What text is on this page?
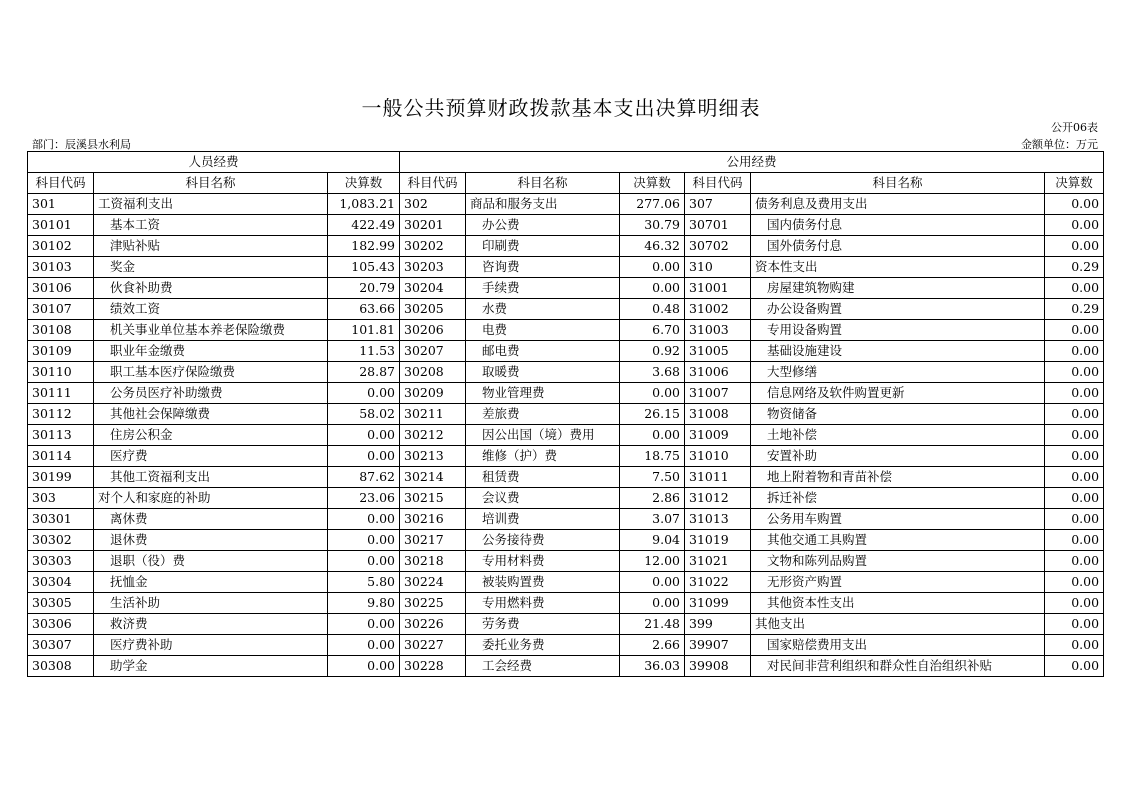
一般公共预算财政拨款基本支出决算明细表
公开06表
部门：辰溪县水利局	金额单位：万元
人员经费			公用经费					
科目代码	科目名称	决算数	科目代码	科目名称	决算数	科目代码	科目名称	决算数
301	工资福利支出	1,083.21	302	商品和服务支出	277.06	307	债务利息及费用支出	0.00
30101	基本工资	422.49	30201	办公费	30.79	30701	国内债务付息	0.00
30102	津贴补贴	182.99	30202	印刷费	46.32	30702	国外债务付息	0.00
30103	奖金	105.43	30203	咨询费	0.00	310	资本性支出	0.29
30106	伙食补助费	20.79	30204	手续费	0.00	31001	房屋建筑物购建	0.00
30107	绩效工资	63.66	30205	水费	0.48	31002	办公设备购置	0.29
30108	机关事业单位基本养老保险缴费	101.81	30206	电费	6.70	31003	专用设备购置	0.00
30109	职业年金缴费	11.53	30207	邮电费	0.92	31005	基础设施建设	0.00
30110	职工基本医疗保险缴费	28.87	30208	取暖费	3.68	31006	大型修缮	0.00
30111	公务员医疗补助缴费	0.00	30209	物业管理费	0.00	31007	信息网络及软件购置更新	0.00
30112	其他社会保障缴费	58.02	30211	差旅费	26.15	31008	物资储备	0.00
30113	住房公积金	0.00	30212	因公出国（境）费用	0.00	31009	土地补偿	0.00
30114	医疗费	0.00	30213	维修（护）费	18.75	31010	安置补助	0.00
30199	其他工资福利支出	87.62	30214	租赁费	7.50	31011	地上附着物和青苗补偿	0.00
303	对个人和家庭的补助	23.06	30215	会议费	2.86	31012	拆迁补偿	0.00
30301	离休费	0.00	30216	培训费	3.07	31013	公务用车购置	0.00
30302	退休费	0.00	30217	公务接待费	9.04	31019	其他交通工具购置	0.00
30303	退职（役）费	0.00	30218	专用材料费	12.00	31021	文物和陈列品购置	0.00
30304	抚恤金	5.80	30224	被装购置费	0.00	31022	无形资产购置	0.00
30305	生活补助	9.80	30225	专用燃料费	0.00	31099	其他资本性支出	0.00
30306	救济费	0.00	30226	劳务费	21.48	399	其他支出	0.00
30307	医疗费补助	0.00	30227	委托业务费	2.66	39907	国家赔偿费用支出	0.00
30308	助学金	0.00	30228	工会经费	36.03	39908	对民间非营利组织和群众性自治组织补贴	0.00
